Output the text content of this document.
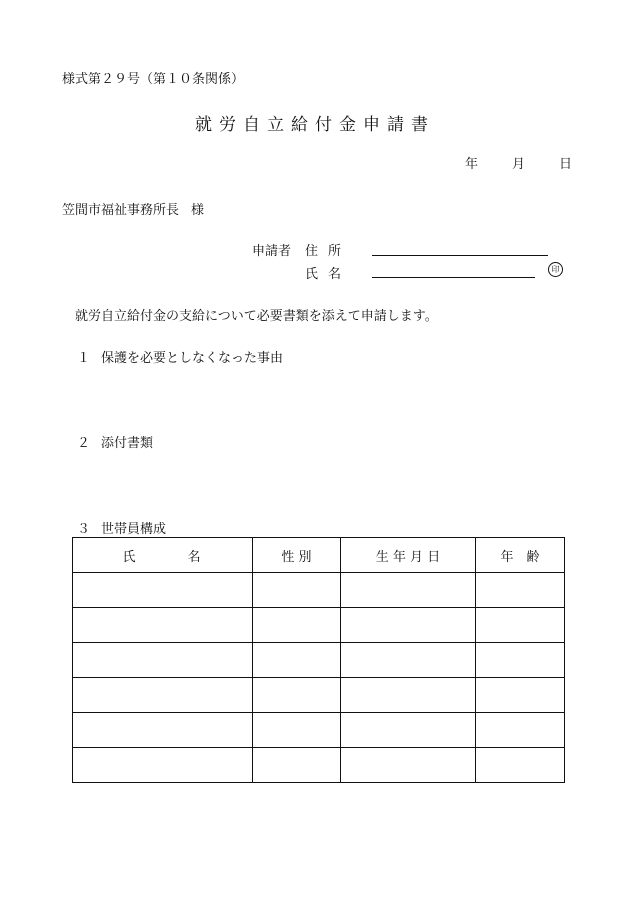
様式第２９号（第１０条関係）
就労自立給付金申請書
年	月	日
笠間市福祉事務所長 様
申請者 住所
氏名	印
就労自立給付金の支給について必要書類を添えて申請します。
１ 保護を必要としなくなった事由
２ 添付書類
３ 世帯員構成
氏 名	性 別	生 年 月 日	年　齢
